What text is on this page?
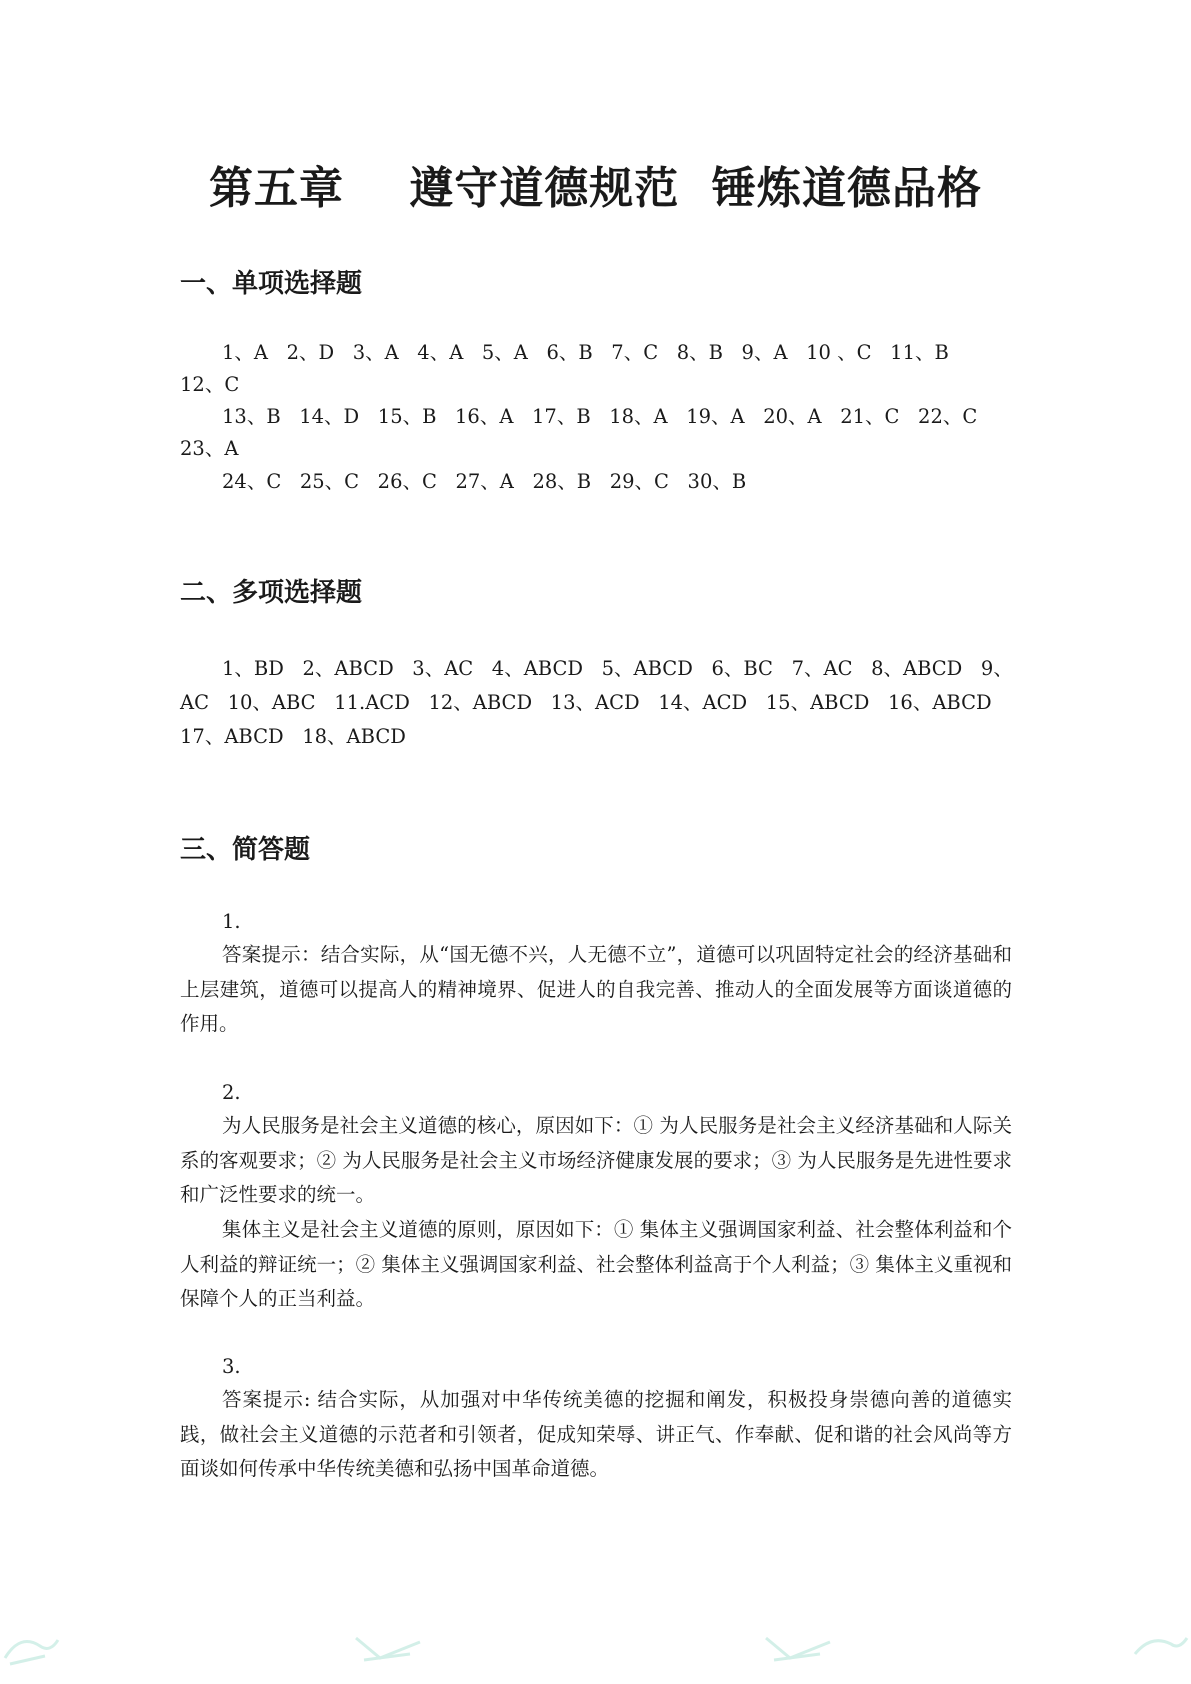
第五章    遵守道德规范  锤炼道德品格
一、单项选择题
1、A   2、D   3、A   4、A   5、A   6、B   7、C   8、B   9、A   10 、C   11、B
12、C
13、B   14、D   15、B   16、A   17、B   18、A   19、A   20、A   21、C   22、C
23、A
24、C   25、C   26、C   27、A   28、B   29、C   30、B
二、多项选择题
1、BD   2、ABCD   3、AC   4、ABCD   5、ABCD   6、BC   7、AC   8、ABCD   9、
AC   10、ABC   11.ACD   12、ABCD   13、ACD   14、ACD   15、ABCD   16、ABCD
17、ABCD   18、ABCD
三、简答题
1.

答案提示：结合实际，从“国无德不兴，人无德不立”，道德可以巩固特定社会的经济基础和上层建筑，道德可以提高人的精神境界、促进人的自我完善、推动人的全面发展等方面谈道德的作用。

2.

为人民服务是社会主义道德的核心，原因如下：① 为人民服务是社会主义经济基础和人际关系的客观要求；② 为人民服务是社会主义市场经济健康发展的要求；③ 为人民服务是先进性要求和广泛性要求的统一。

集体主义是社会主义道德的原则，原因如下：① 集体主义强调国家利益、社会整体利益和个人利益的辩证统一；② 集体主义强调国家利益、社会整体利益高于个人利益；③ 集体主义重视和保障个人的正当利益。

3.

答案提示: 结合实际，从加强对中华传统美德的挖掘和阐发，积极投身崇德向善的道德实践，做社会主义道德的示范者和引领者，促成知荣辱、讲正气、作奉献、促和谐的社会风尚等方面谈如何传承中华传统美德和弘扬中国革命道德。
